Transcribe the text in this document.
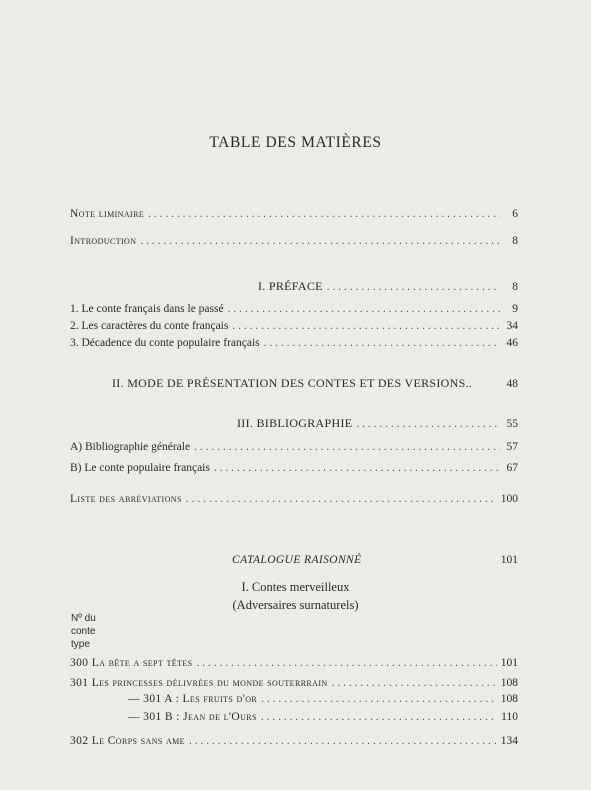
TABLE DES MATIÈRES
Note liminaire . . .	6
Introduction . . .	8
I. PRÉFACE . . .	8
1. Le conte français dans le passé . . .	9
2. Les caractères du conte français . . .	34
3. Décadence du conte populaire français . . .	46
II. MODE DE PRÉSENTATION DES CONTES ET DES VERSIONS..	48
III. BIBLIOGRAPHIE . . .	55
A) Bibliographie générale . . .	57
B) Le conte populaire français . . .	67
Liste des abréviations . . .	100
CATALOGUE RAISONNÉ	101
I. Contes merveilleux
(Adversaires surnaturels)
Nº du
conte
type
300 La bête a sept têtes . . .	101
301 Les princesses délivrées du monde souterrrain . . .	108
— 301 A : Les fruits d'or . . .	108
— 301 B : Jean de l'Ours . . .	110
302 Le Corps sans ame . . .	134
